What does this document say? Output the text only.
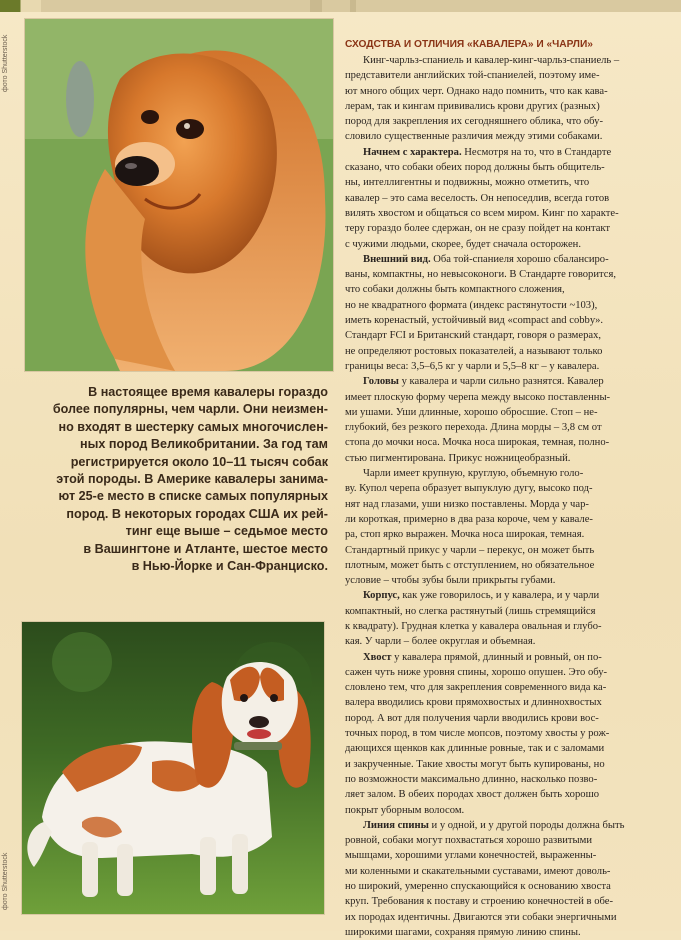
фото Shutterstock
В настоящее время кавалеры гораздо
более популярны, чем чарли. Они неизмен-
но входят в шестерку самых многочислен-
ных пород Великобритании. За год там
регистрируется около 10–11 тысяч собак
этой породы. В Америке кавалеры занима-
ют 25-е место в списке самых популярных
пород. В некоторых городах США их рей-
тинг еще выше – седьмое место
в Вашингтоне и Атланте, шестое место
в Нью-Йорке и Сан-Франциско.
фото Shutterstock
СХОДСТВА И ОТЛИЧИЯ «КАВАЛЕРА» И «ЧАРЛИ»
Кинг-чарльз-спаниель и кавалер-кинг-чарльз-спаниель –
представители английских той-спаниелей, поэтому име-
ют много общих черт. Однако надо помнить, что как кава-
лерам, так и кингам прививались крови других (разных)
пород для закрепления их сегодняшнего облика, что обу-
словило существенные различия между этими собаками.
Начнем с характера. Несмотря на то, что в Стандарте
сказано, что собаки обеих пород должны быть общитель-
ны, интеллигентны и подвижны, можно отметить, что
кавалер – это сама веселость. Он непоседлив, всегда готов
вилять хвостом и общаться со всем миром. Кинг по характе-
теру гораздо более сдержан, он не сразу пойдет на контакт
с чужими людьми, скорее, будет сначала осторожен.
Внешний вид. Оба той-спаниеля хорошо сбалансиро-
ваны, компактны, но невысоконоги. В Стандарте говорится,
что собаки должны быть компактного сложения,
но не квадратного формата (индекс растянутости ~103),
иметь коренастый, устойчивый вид «compact and cobby».
Стандарт FCI и Британский стандарт, говоря о размерах,
не определяют ростовых показателей, а называют только
границы веса: 3,5–6,5 кг у чарли и 5,5–8 кг – у кавалера.
Головы у кавалера и чарли сильно разнятся. Кавалер
имеет плоскую форму черепа между высоко поставленны-
ми ушами. Уши длинные, хорошо обросшие. Стоп – не-
глубокий, без резкого перехода. Длина морды – 3,8 см от
стопа до мочки носа. Мочка носа широкая, темная, полно-
стью пигментирована. Прикус ножницеобразный.
Чарли имеет крупную, круглую, объемную голо-
ву. Купол черепа образует выпуклую дугу, высоко под-
нят над глазами, уши низко поставлены. Морда у чар-
ли короткая, примерно в два раза короче, чем у кавале-
ра, стоп ярко выражен. Мочка носа широкая, темная.
Стандартный прикус у чарли – перекус, он может быть
плотным, может быть с отступлением, но обязательное
условие – чтобы зубы были прикрыты губами.
Корпус, как уже говорилось, и у кавалера, и у чарли
компактный, но слегка растянутый (лишь стремящийся
к квадрату). Грудная клетка у кавалера овальная и глубо-
кая. У чарли – более округлая и объемная.
Хвост у кавалера прямой, длинный и ровный, он по-
сажен чуть ниже уровня спины, хорошо опушен. Это обу-
словлено тем, что для закрепления современного вида ка-
валера вводились крови прямохвостых и длиннохвостых
пород. А вот для получения чарли вводились крови вос-
точных пород, в том числе мопсов, поэтому хвосты у рож-
дающихся щенков как длинные ровные, так и с заломами
и закрученные. Такие хвосты могут быть купированы, но
по возможности максимально длинно, насколько позво-
ляет залом. В обеих породах хвост должен быть хорошо
покрыт уборным волосом.
Линия спины и у одной, и у другой породы должна быть
ровной, собаки могут похвастаться хорошо развитыми
мышцами, хорошими углами конечностей, выраженны-
ми коленными и скакательными суставами, имеют доволь-
но широкий, умеренно спускающийся к основанию хвоста
круп. Требования к поставу и строению конечностей в обе-
их породах идентичны. Двигаются эти собаки энергичными
широкими шагами, сохраняя прямую линию спины.
